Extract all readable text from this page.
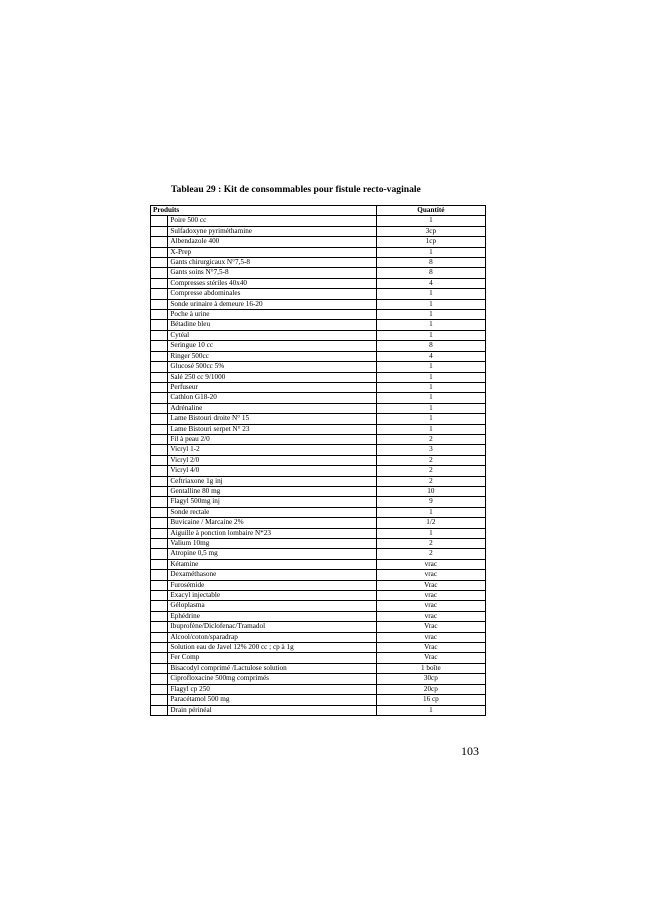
Tableau 29 : Kit de consommables pour fistule recto-vaginale
Produits		Quantité
	Poire 500 cc	1
	Sulfadoxyne pyriméthamine	3cp
	Albendazole 400	1cp
	X-Prep	1
	Gants chirurgicaux N°7,5-8	8
	Gants soins N°7,5-8	8
	Compresses stériles 40x40	4
	Compresse abdominales	1
	Sonde urinaire à demeure 16-20	1
	Poche à urine	1
	Bétadine bleu	1
	Cytéal	1
	Seringue 10 cc	8
	Ringer 500cc	4
	Glucosé 500cc 5%	1
	Salé 250 cc 9/1000	1
	Perfuseur	1
	Cathlon G18-20	1
	Adrénaline	1
	Lame Bistouri droite N° 15	1
	Lame Bistouri serpet N° 23	1
	Fil à peau 2/0	2
	Vicryl 1-2	3
	Vicryl 2/0	2
	Vicryl 4/0	2
	Ceftriaxone 1g inj	2
	Gentalline 80 mg	10
	Flagyl 500mg inj	9
	Sonde rectale	1
	Buvicaine / Marcaine 2%	1/2
	Aiguille à ponction lombaire N*23	1
	Valium 10mg	2
	Atropine 0,5 mg	2
	Kétamine	vrac
	Dexaméthasone	vrac
	Furosémide	Vrac
	Exacyl injectable	vrac
	Géloplasma	vrac
	Ephédrine	vrac
	Ibuprofène/Diclofenac/Tramadol	Vrac
	Alcool/coton/sparadrap	vrac
	Solution eau de Javel 12% 200 cc ; cp à 1g	Vrac
	Fer Comp	Vrac
	Bisacodyl comprimé /Lactulose solution	1 boîte
	Ciprofloxacine 500mg comprimés	30cp
	Flagyl cp 250	20cp
	Paracétamol 500 mg	16 cp
	Drain périnéal	1
103
